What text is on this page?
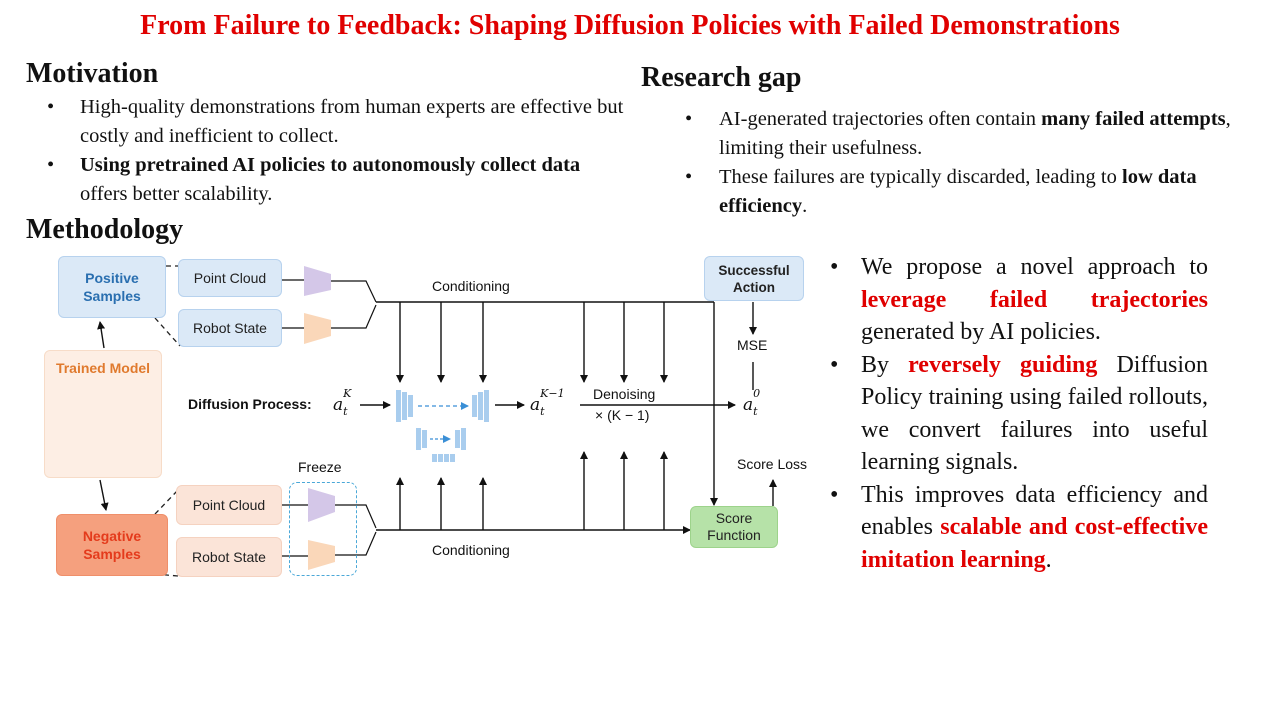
From Failure to Feedback: Shaping Diffusion Policies with Failed Demonstrations
Motivation
• High-quality demonstrations from human experts are effective but costly and inefficient to collect.
• Using pretrained AI policies to autonomously collect data offers better scalability.
Research gap
• AI-generated trajectories often contain many failed attempts, limiting their usefulness.
• These failures are typically discarded, leading to low data efficiency.
Methodology
• We propose a novel approach to leverage failed trajectories generated by AI policies.
• By reversely guiding Diffusion Policy training using failed rollouts, we convert failures into useful learning signals.
• This improves data efficiency and enables scalable and cost-effective imitation learning.
Positive Samples
Trained Model
Negative Samples
Point Cloud
Robot State
Point Cloud
Robot State
Freeze
Conditioning
Conditioning
Diffusion Process: a
K
t	a
K−1
t	a
0
t
Denoising
× (K − 1)
Successful Action
MSE
Score Loss
Score Function
